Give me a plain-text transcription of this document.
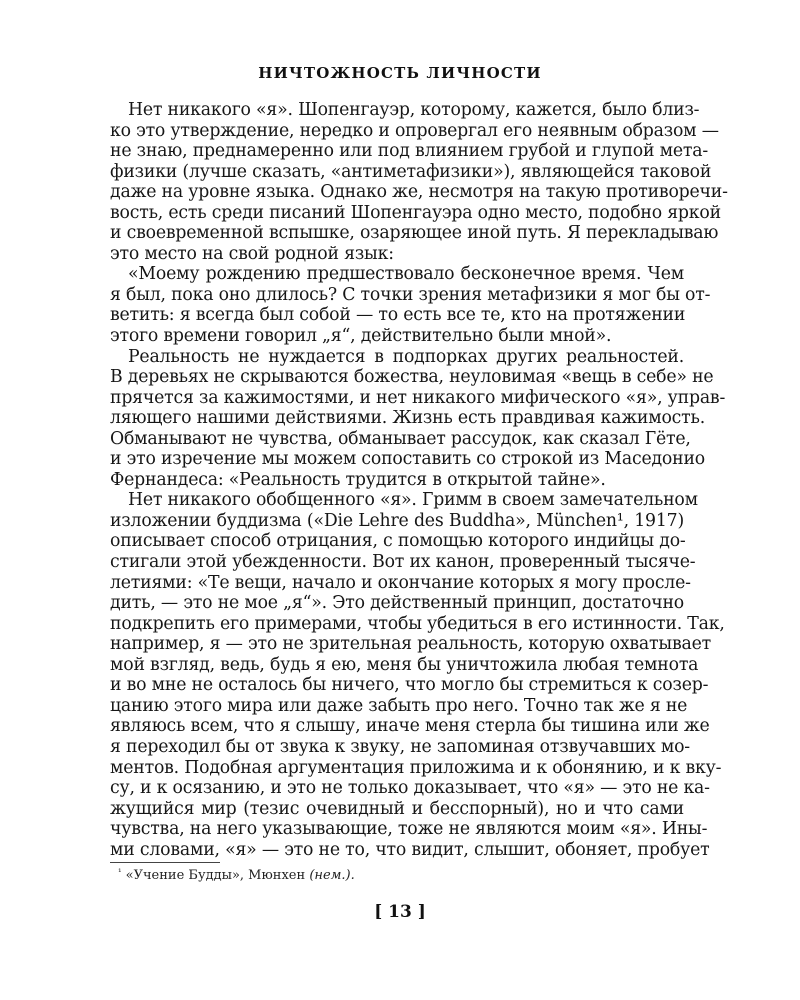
НИЧТОЖНОСТЬ ЛИЧНОСТИ
Нет никакого «я». Шопенгауэр, которому, кажется, было близ-
ко это утверждение, нередко и опровергал его неявным образом —
не знаю, преднамеренно или под влиянием грубой и глупой мета-
физики (лучше сказать, «антиметафизики»), являющейся таковой
даже на уровне языка. Однако же, несмотря на такую противоречи-
вость, есть среди писаний Шопенгауэра одно место, подобно яркой
и своевременной вспышке, озаряющее иной путь. Я перекладываю
это место на свой родной язык:
«Моему рождению предшествовало бесконечное время. Чем
я был, пока оно длилось? С точки зрения метафизики я мог бы от-
ветить: я всегда был собой — то есть все те, кто на протяжении
этого времени говорил „я“, действительно были мной».
Реальность не нуждается в подпорках других реальностей.
В деревьях не скрываются божества, неуловимая «вещь в себе» не
прячется за кажимостями, и нет никакого мифического «я», управ-
ляющего нашими действиями. Жизнь есть правдивая кажимость.
Обманывают не чувства, обманывает рассудок, как сказал Гёте,
и это изречение мы можем сопоставить со строкой из Маседонио
Фернандеса: «Реальность трудится в открытой тайне».
Нет никакого обобщенного «я». Гримм в своем замечательном
изложении буддизма («Die Lehre des Buddha», München¹, 1917)
описывает способ отрицания, с помощью которого индийцы до-
стигали этой убежденности. Вот их канон, проверенный тысяче-
летиями: «Те вещи, начало и окончание которых я могу просле-
дить, — это не мое „я“». Это действенный принцип, достаточно
подкрепить его примерами, чтобы убедиться в его истинности. Так,
например, я — это не зрительная реальность, которую охватывает
мой взгляд, ведь, будь я ею, меня бы уничтожила любая темнота
и во мне не осталось бы ничего, что могло бы стремиться к созер-
цанию этого мира или даже забыть про него. Точно так же я не
являюсь всем, что я слышу, иначе меня стерла бы тишина или же
я переходил бы от звука к звуку, не запоминая отзвучавших мо-
ментов. Подобная аргументация приложима и к обонянию, и к вку-
су, и к осязанию, и это не только доказывает, что «я» — это не ка-
жущийся мир (тезис очевидный и бесспорный), но и что сами
чувства, на него указывающие, тоже не являются моим «я». Ины-
ми словами, «я» — это не то, что видит, слышит, обоняет, пробует
$^{^1}$ «Учение Будды», Мюнхен (нем.).
[ 13 ]
